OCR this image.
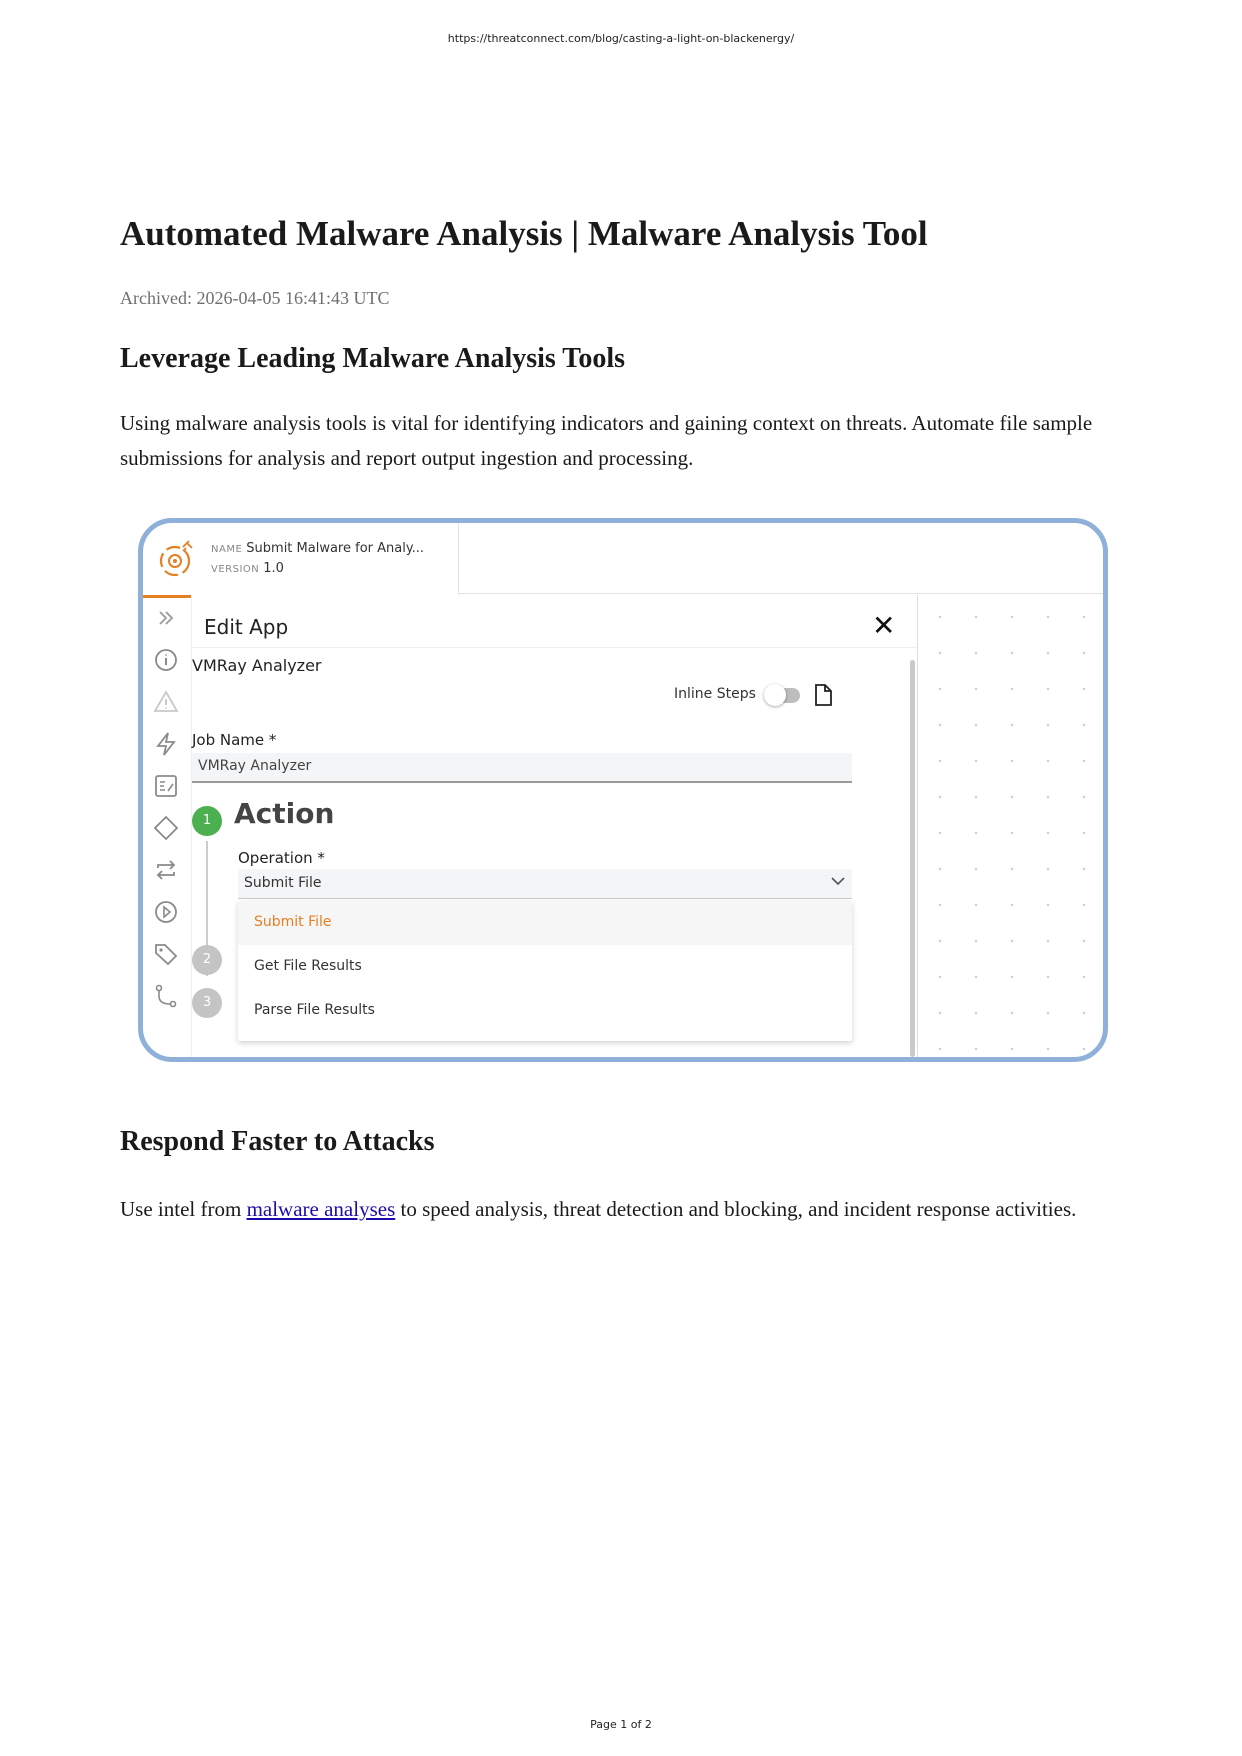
https://threatconnect.com/blog/casting-a-light-on-blackenergy/
Automated Malware Analysis | Malware Analysis Tool
Archived: 2026-04-05 16:41:43 UTC
Leverage Leading Malware Analysis Tools

Using malware analysis tools is vital for identifying indicators and gaining context on threats. Automate file sample submissions for analysis and report output ingestion and processing.

Respond Faster to Attacks

Use intel from malware analyses to speed analysis, threat detection and blocking, and incident response activities.

NAME Submit Malware for Analy...
VERSION 1.0
Edit App	✕
VMRay Analyzer
Inline Steps
Job Name *
VMRay Analyzer
1 Action
Operation *
Submit File
2
3
Submit File
Get File Results
Parse File Results
Page 1 of 2
